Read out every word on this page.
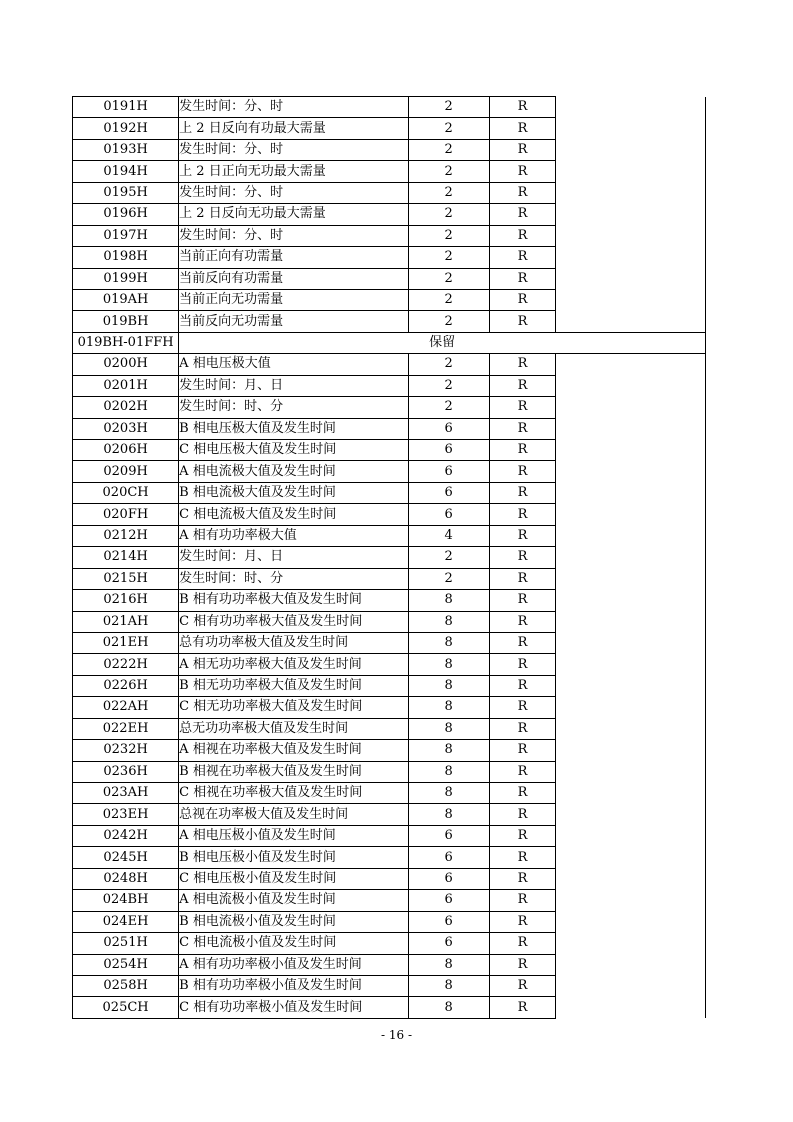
0191H	发生时间：分、时	2	R	
0192H	上 2 日反向有功最大需量	2	R	
0193H	发生时间：分、时	2	R	
0194H	上 2 日正向无功最大需量	2	R	
0195H	发生时间：分、时	2	R	
0196H	上 2 日反向无功最大需量	2	R	
0197H	发生时间：分、时	2	R	
0198H	当前正向有功需量	2	R	
0199H	当前反向有功需量	2	R	
019AH	当前正向无功需量	2	R	
019BH	当前反向无功需量	2	R	
019BH-01FFH	保留			
0200H	A 相电压极大值	2	R	
0201H	发生时间：月、日	2	R	
0202H	发生时间：时、分	2	R	
0203H	B 相电压极大值及发生时间	6	R	
0206H	C 相电压极大值及发生时间	6	R	
0209H	A 相电流极大值及发生时间	6	R	
020CH	B 相电流极大值及发生时间	6	R	
020FH	C 相电流极大值及发生时间	6	R	
0212H	A 相有功功率极大值	4	R	
0214H	发生时间：月、日	2	R	
0215H	发生时间：时、分	2	R	
0216H	B 相有功功率极大值及发生时间	8	R	
021AH	C 相有功功率极大值及发生时间	8	R	
021EH	总有功功率极大值及发生时间	8	R	
0222H	A 相无功功率极大值及发生时间	8	R	
0226H	B 相无功功率极大值及发生时间	8	R	
022AH	C 相无功功率极大值及发生时间	8	R	
022EH	总无功功率极大值及发生时间	8	R	
0232H	A 相视在功率极大值及发生时间	8	R	
0236H	B 相视在功率极大值及发生时间	8	R	
023AH	C 相视在功率极大值及发生时间	8	R	
023EH	总视在功率极大值及发生时间	8	R	
0242H	A 相电压极小值及发生时间	6	R	
0245H	B 相电压极小值及发生时间	6	R	
0248H	C 相电压极小值及发生时间	6	R	
024BH	A 相电流极小值及发生时间	6	R	
024EH	B 相电流极小值及发生时间	6	R	
0251H	C 相电流极小值及发生时间	6	R	
0254H	A 相有功功率极小值及发生时间	8	R	
0258H	B 相有功功率极小值及发生时间	8	R	
025CH	C 相有功功率极小值及发生时间	8	R	
- 16 -
